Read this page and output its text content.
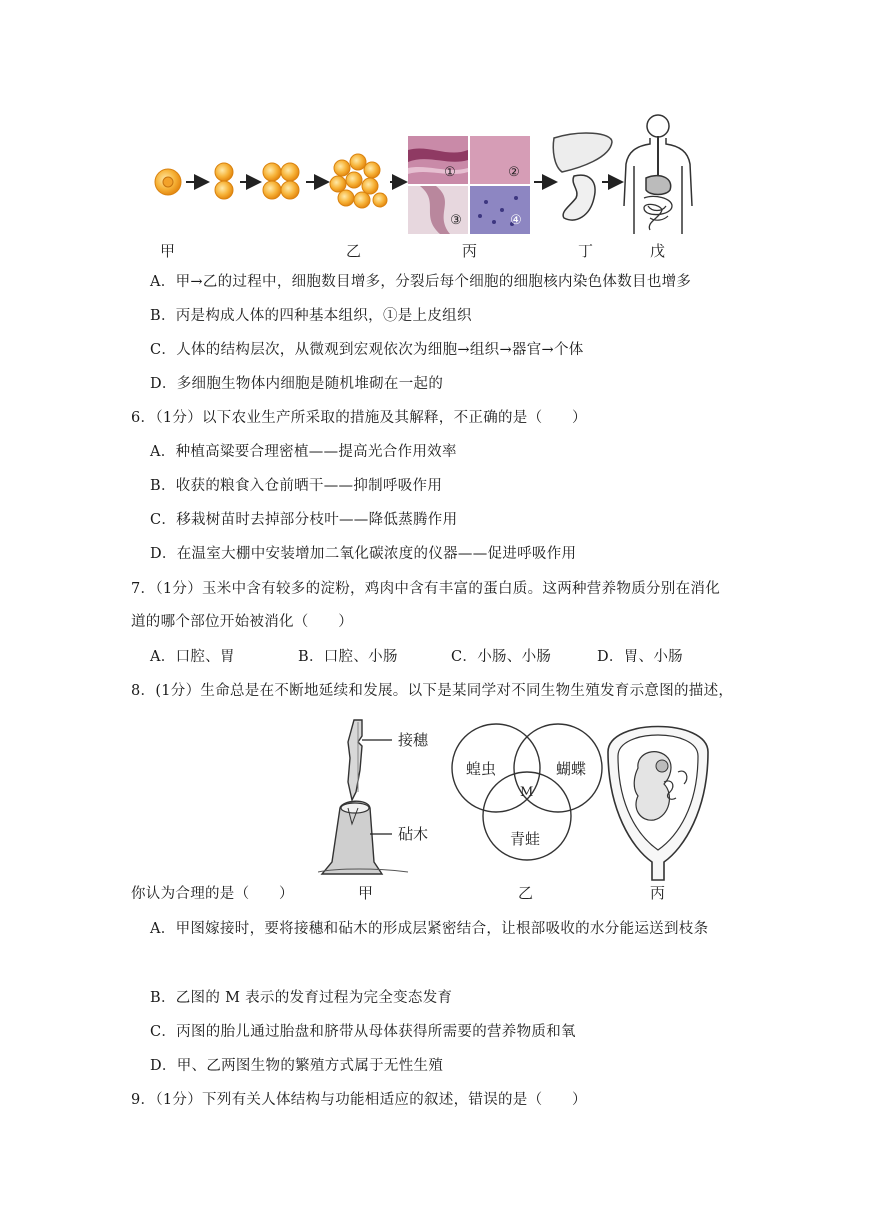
①	②
③	④
甲	乙	丙	丁	戊
A．甲→乙的过程中，细胞数目增多，分裂后每个细胞的细胞核内染色体数目也增多
B．丙是构成人体的四种基本组织，①是上皮组织
C．人体的结构层次，从微观到宏观依次为细胞→组织→器官→个体
D．多细胞生物体内细胞是随机堆砌在一起的
6．（1分）以下农业生产所采取的措施及其解释，不正确的是（　　）
A．种植高粱要合理密植——提高光合作用效率
B．收获的粮食入仓前晒干——抑制呼吸作用
C．移栽树苗时去掉部分枝叶——降低蒸腾作用
D．在温室大棚中安装增加二氧化碳浓度的仪器——促进呼吸作用
7．（1分）玉米中含有较多的淀粉，鸡肉中含有丰富的蛋白质。这两种营养物质分别在消化
道的哪个部位开始被消化（　　）
A．口腔、胃	B．口腔、小肠	C．小肠、小肠	D．胃、小肠
8．(1分）生命总是在不断地延续和发展。以下是某同学对不同生物生殖发育示意图的描述，
接穗
砧木
蝗虫	蝴蝶
青蛙
M
甲	乙	丙
你认为合理的是（　　）
A．甲图嫁接时，要将接穗和砧木的形成层紧密结合，让根部吸收的水分能运送到枝条
B．乙图的 M 表示的发育过程为完全变态发育
C．丙图的胎儿通过胎盘和脐带从母体获得所需要的营养物质和氧
D．甲、乙两图生物的繁殖方式属于无性生殖
9．（1分）下列有关人体结构与功能相适应的叙述，错误的是（　　）
